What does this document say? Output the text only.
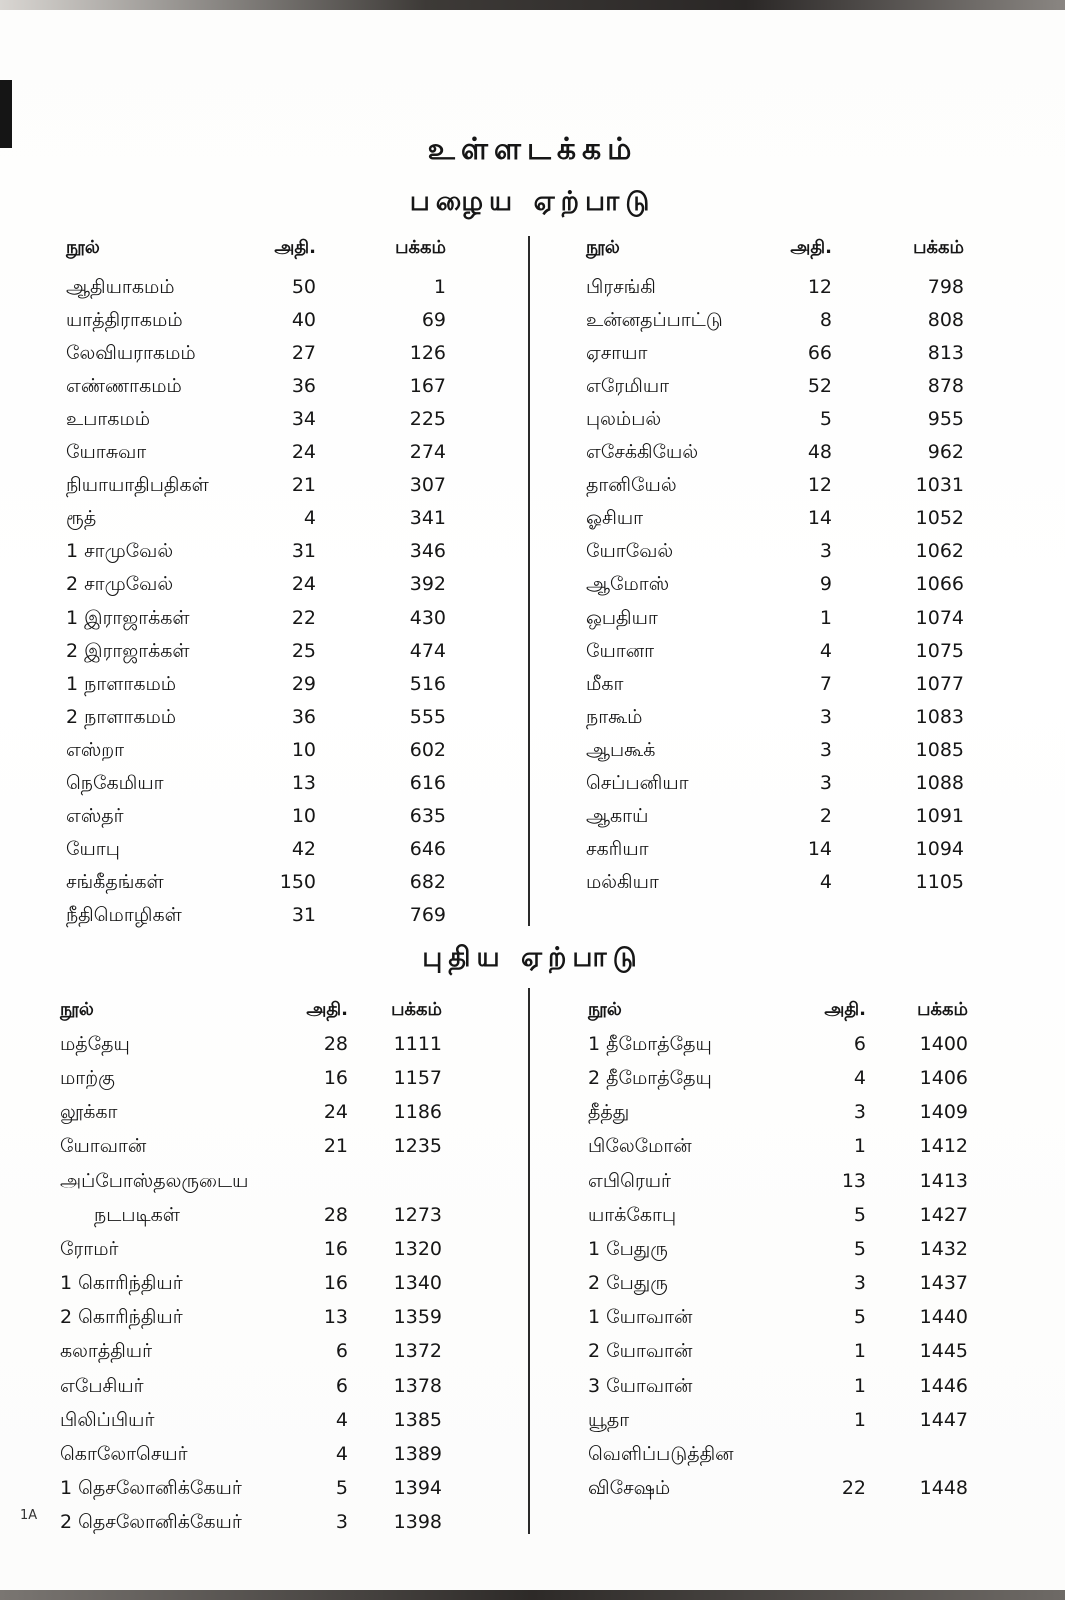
உள்ளடக்கம்
பழைய ஏற்பாடு
புதிய ஏற்பாடு
நூல்	அதி.	பக்கம்
ஆதியாகமம்	50	1
யாத்திராகமம்	40	69
லேவியராகமம்	27	126
எண்ணாகமம்	36	167
உபாகமம்	34	225
யோசுவா	24	274
நியாயாதிபதிகள்	21	307
ரூத்	4	341
1 சாமுவேல்	31	346
2 சாமுவேல்	24	392
1 இராஜாக்கள்	22	430
2 இராஜாக்கள்	25	474
1 நாளாகமம்	29	516
2 நாளாகமம்	36	555
எஸ்றா	10	602
நெகேமியா	13	616
எஸ்தர்	10	635
யோபு	42	646
சங்கீதங்கள்	150	682
நீதிமொழிகள்	31	769
நூல்	அதி.	பக்கம்
பிரசங்கி	12	798
உன்னதப்பாட்டு	8	808
ஏசாயா	66	813
எரேமியா	52	878
புலம்பல்	5	955
எசேக்கியேல்	48	962
தானியேல்	12	1031
ஓசியா	14	1052
யோவேல்	3	1062
ஆமோஸ்	9	1066
ஒபதியா	1	1074
யோனா	4	1075
மீகா	7	1077
நாகூம்	3	1083
ஆபகூக்	3	1085
செப்பனியா	3	1088
ஆகாய்	2	1091
சகரியா	14	1094
மல்கியா	4	1105
நூல்	அதி.	பக்கம்
மத்தேயு	28	1111
மாற்கு	16	1157
லூக்கா	24	1186
யோவான்	21	1235
அப்போஸ்தலருடைய
நடபடிகள்	28	1273
ரோமர்	16	1320
1 கொரிந்தியர்	16	1340
2 கொரிந்தியர்	13	1359
கலாத்தியர்	6	1372
எபேசியர்	6	1378
பிலிப்பியர்	4	1385
கொலோசெயர்	4	1389
1 தெசலோனிக்கேயர்	5	1394
2 தெசலோனிக்கேயர்	3	1398
நூல்	அதி.	பக்கம்
1 தீமோத்தேயு	6	1400
2 தீமோத்தேயு	4	1406
தீத்து	3	1409
பிலேமோன்	1	1412
எபிரெயர்	13	1413
யாக்கோபு	5	1427
1 பேதுரு	5	1432
2 பேதுரு	3	1437
1 யோவான்	5	1440
2 யோவான்	1	1445
3 யோவான்	1	1446
யூதா	1	1447
வெளிப்படுத்தின
விசேஷம்	22	1448
1A
